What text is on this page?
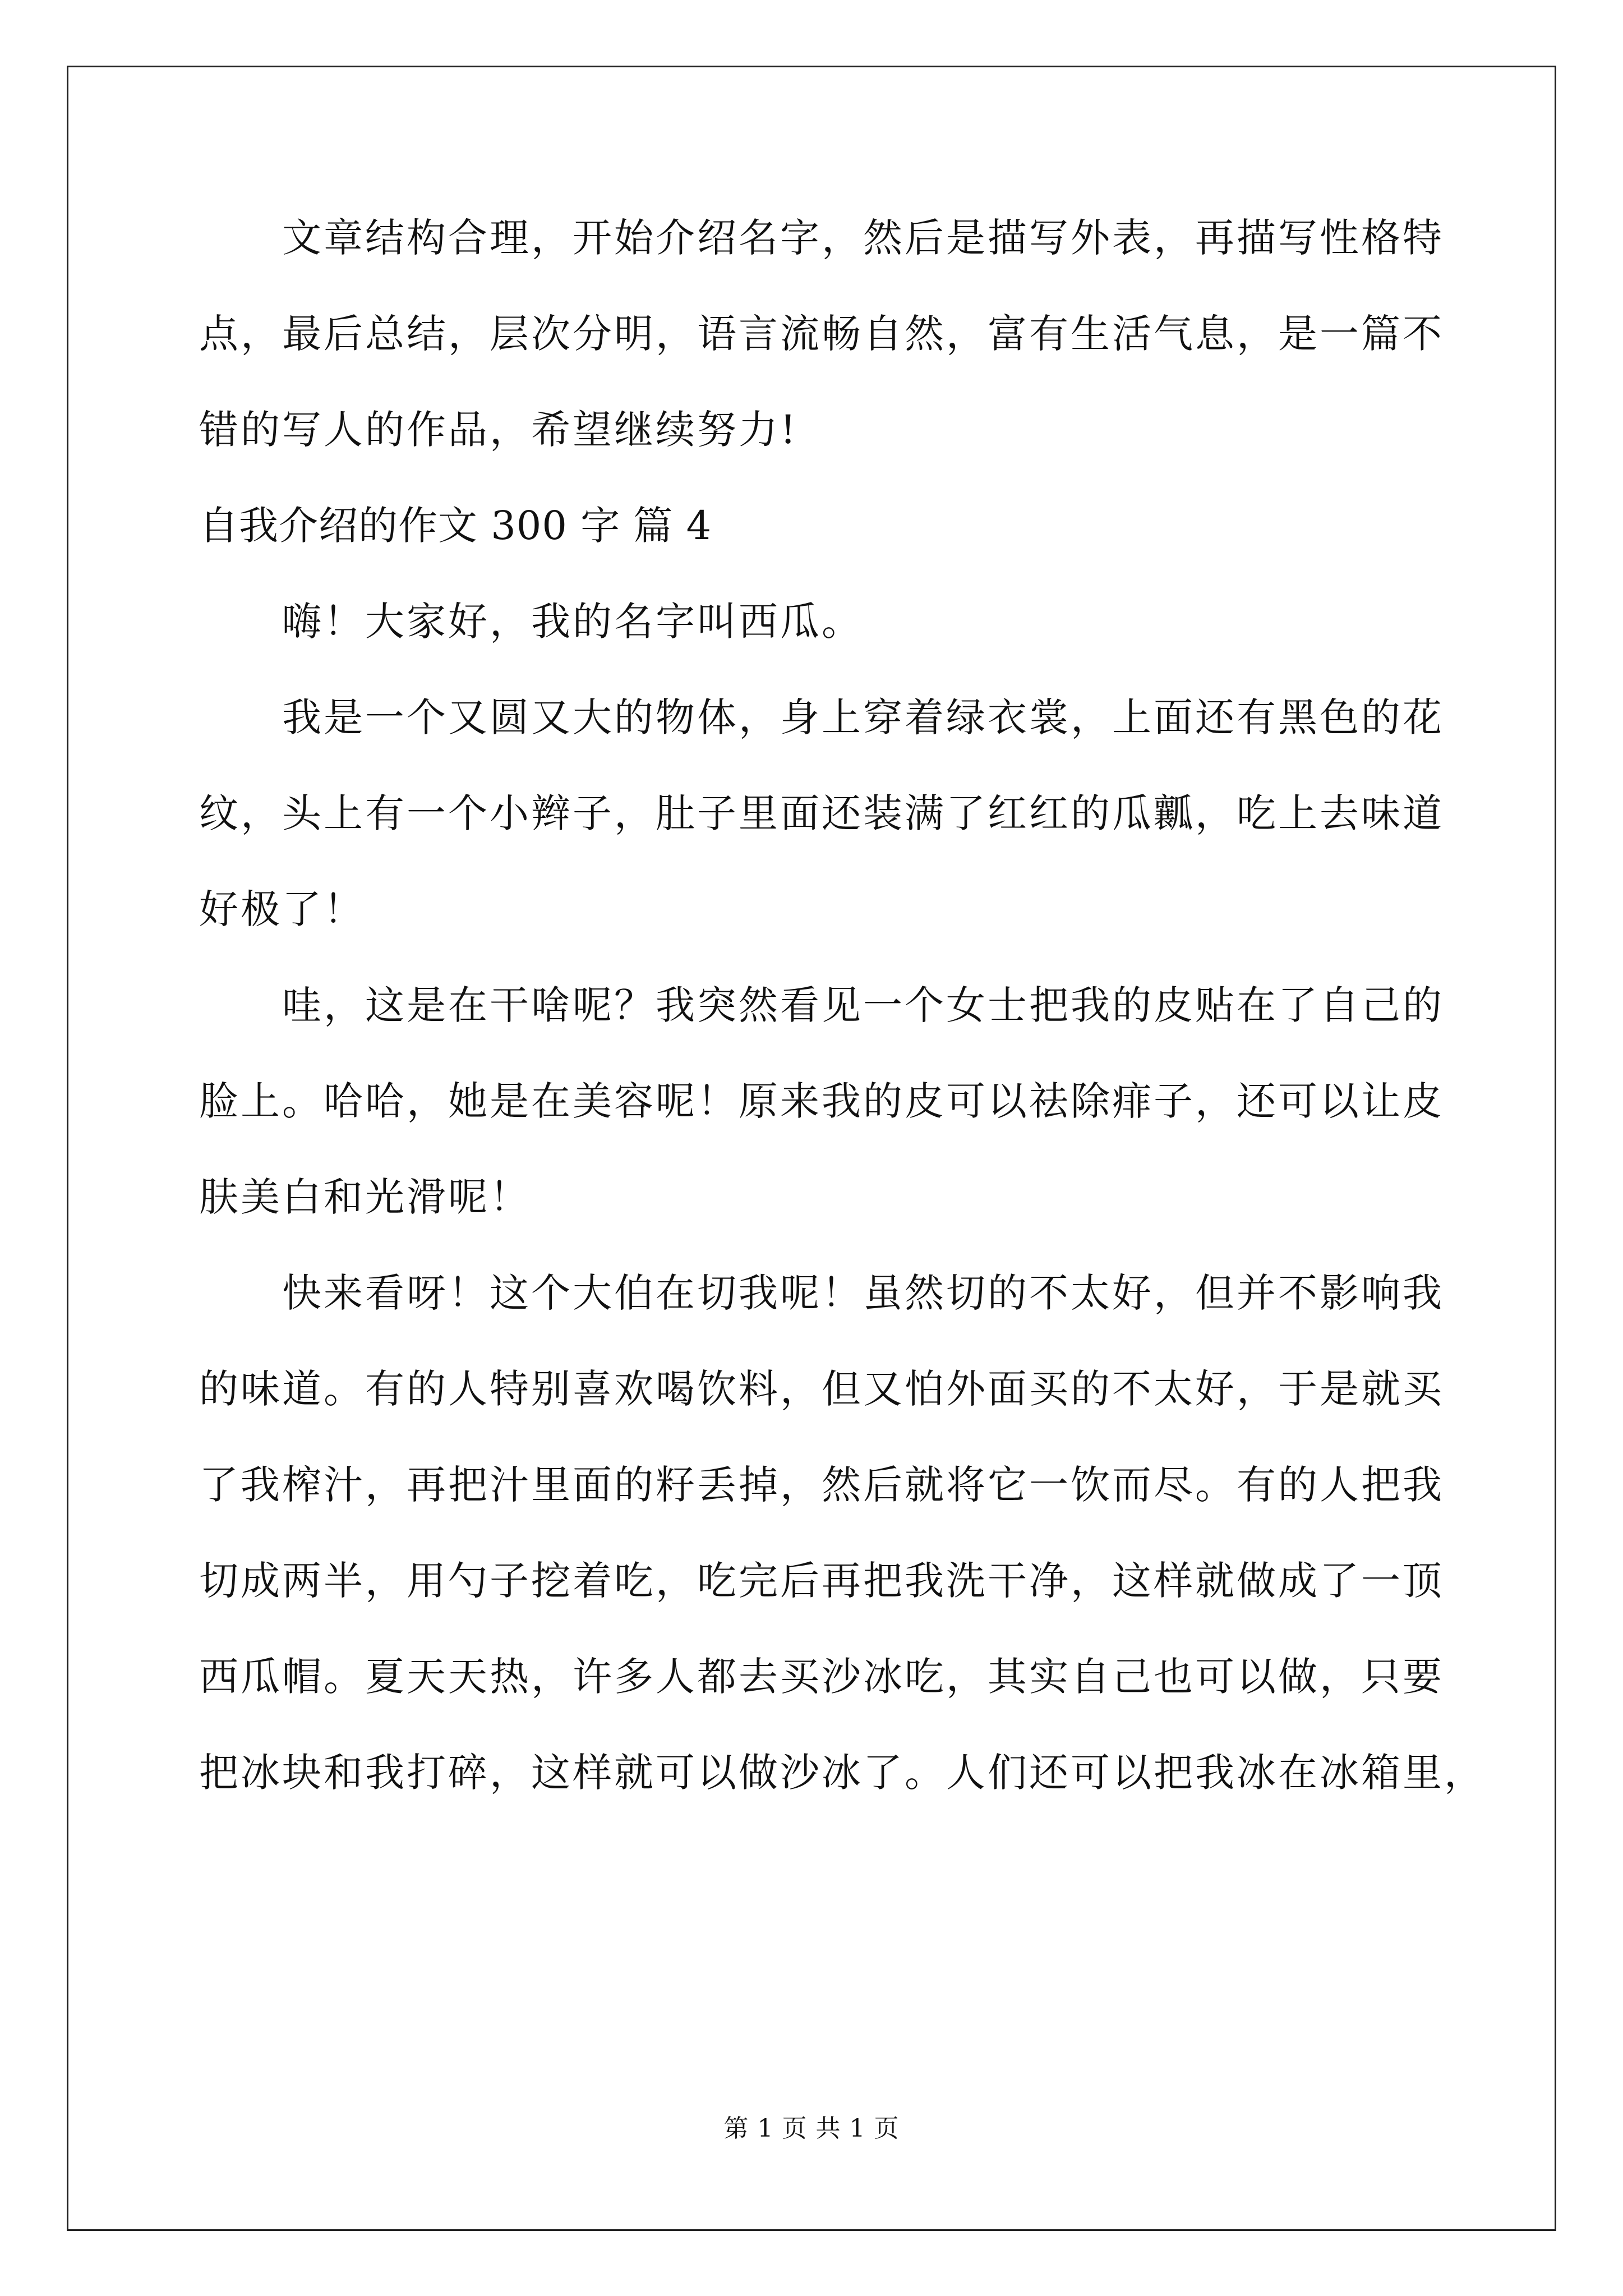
文章结构合理，开始介绍名字，然后是描写外表，再描写性格特
点，最后总结，层次分明，语言流畅自然，富有生活气息，是一篇不
错的写人的作品，希望继续努力!
自我介绍的作文 300 字 篇 4
嗨！大家好，我的名字叫西瓜。
我是一个又圆又大的物体，身上穿着绿衣裳，上面还有黑色的花
纹，头上有一个小辫子，肚子里面还装满了红红的瓜瓤，吃上去味道
好极了！
哇，这是在干啥呢？我突然看见一个女士把我的皮贴在了自己的
脸上。哈哈，她是在美容呢！原来我的皮可以祛除痱子，还可以让皮
肤美白和光滑呢！
快来看呀！这个大伯在切我呢！虽然切的不太好，但并不影响我
的味道。有的人特别喜欢喝饮料，但又怕外面买的不太好，于是就买
了我榨汁，再把汁里面的籽丢掉，然后就将它一饮而尽。有的人把我
切成两半，用勺子挖着吃，吃完后再把我洗干净，这样就做成了一顶
西瓜帽。夏天天热，许多人都去买沙冰吃，其实自己也可以做，只要
把冰块和我打碎，这样就可以做沙冰了。人们还可以把我冰在冰箱里，
第 1 页 共 1 页
